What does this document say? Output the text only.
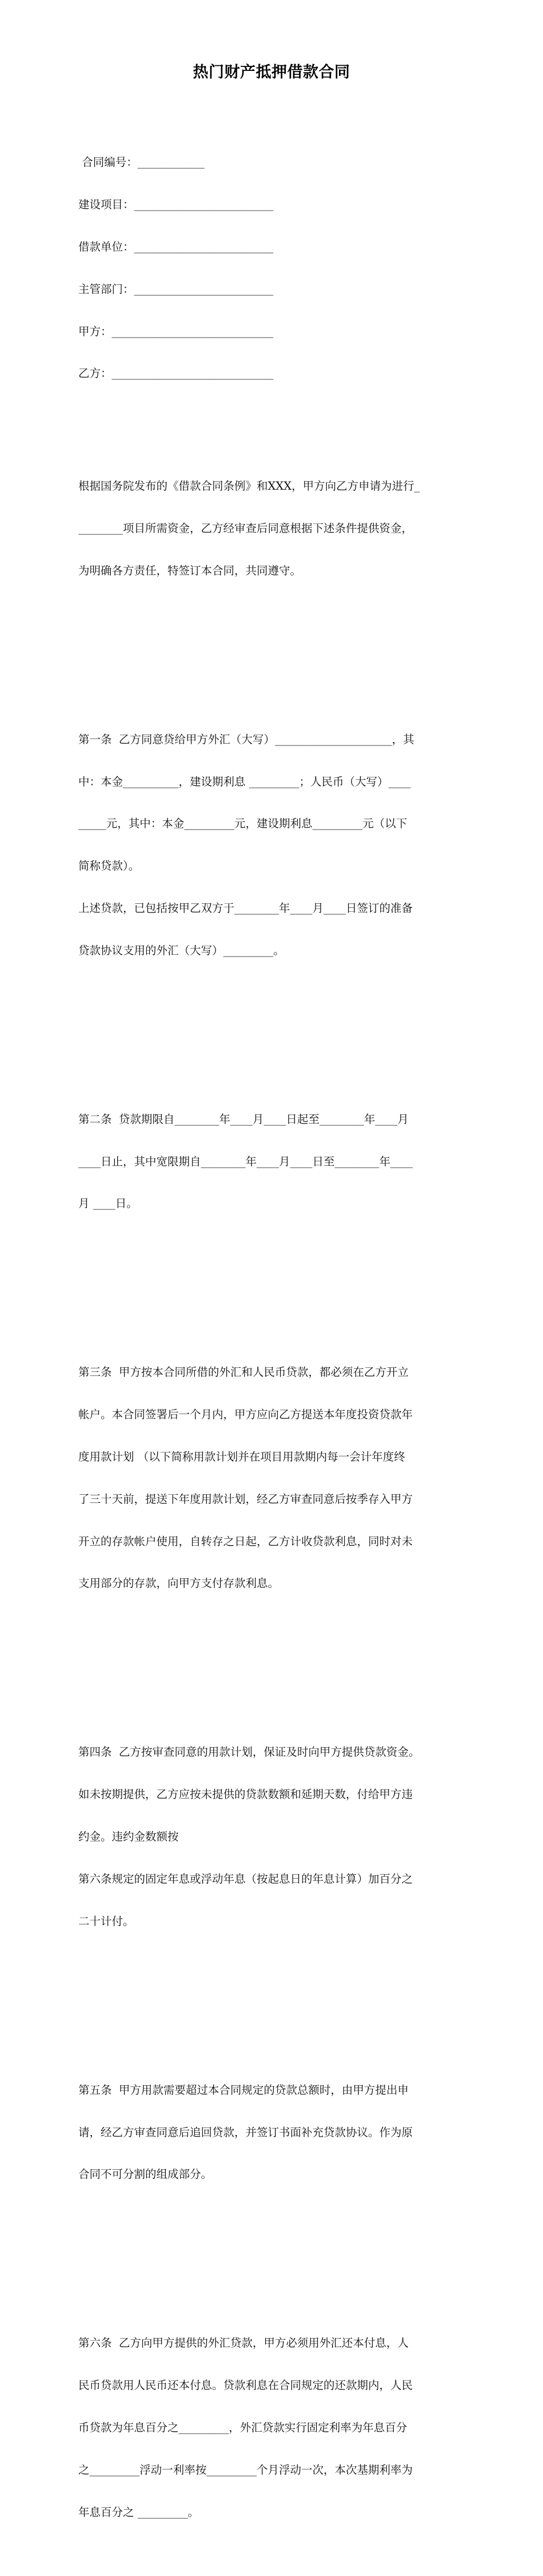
热门财产抵押借款合同

合同编号：____________

建设项目：_________________________

借款单位：_________________________

主管部门：_________________________

甲方：_____________________________

乙方：_____________________________

根据国务院发布的《借款合同条例》和XXX，甲方向乙方申请为进行_

________项目所需资金，乙方经审查后同意根据下述条件提供资金，

为明确各方责任，特签订本合同，共同遵守。

第一条  乙方同意贷给甲方外汇（大写）_____________________，其

中：本金__________，建设期利息 _________；人民币（大写）____

_____元，其中：本金_________元，建设期利息_________元（以下

简称贷款）。

上述贷款，已包括按甲乙双方于________年____月____日签订的准备

贷款协议支用的外汇（大写）_________。

第二条  贷款期限自________年____月____日起至________年____月

____日止，其中宽限期自________年____月____日至________年____

月 ____日。

第三条  甲方按本合同所借的外汇和人民币贷款，都必须在乙方开立

帐户。本合同签署后一个月内，甲方应向乙方提送本年度投资贷款年

度用款计划 （以下简称用款计划并在项目用款期内每一会计年度终

了三十天前，提送下年度用款计划，经乙方审查同意后按季存入甲方

开立的存款帐户使用，自转存之日起，乙方计收贷款利息，同时对未

支用部分的存款，向甲方支付存款利息。

第四条  乙方按审查同意的用款计划，保证及时向甲方提供贷款资金。

如未按期提供，乙方应按未提供的贷款数额和延期天数，付给甲方违

约金。违约金数额按

第六条规定的固定年息或浮动年息（按起息日的年息计算）加百分之

二十计付。

第五条  甲方用款需要超过本合同规定的贷款总额时，由甲方提出申

请，经乙方审查同意后追回贷款，并签订书面补充贷款协议。作为原

合同不可分割的组成部分。

第六条  乙方向甲方提供的外汇贷款，甲方必须用外汇还本付息，人

民币贷款用人民币还本付息。贷款利息在合同规定的还款期内，人民

币贷款为年息百分之_________，外汇贷款实行固定利率为年息百分

之_________浮动一利率按_________个月浮动一次，本次基期利率为

年息百分之 _________。
